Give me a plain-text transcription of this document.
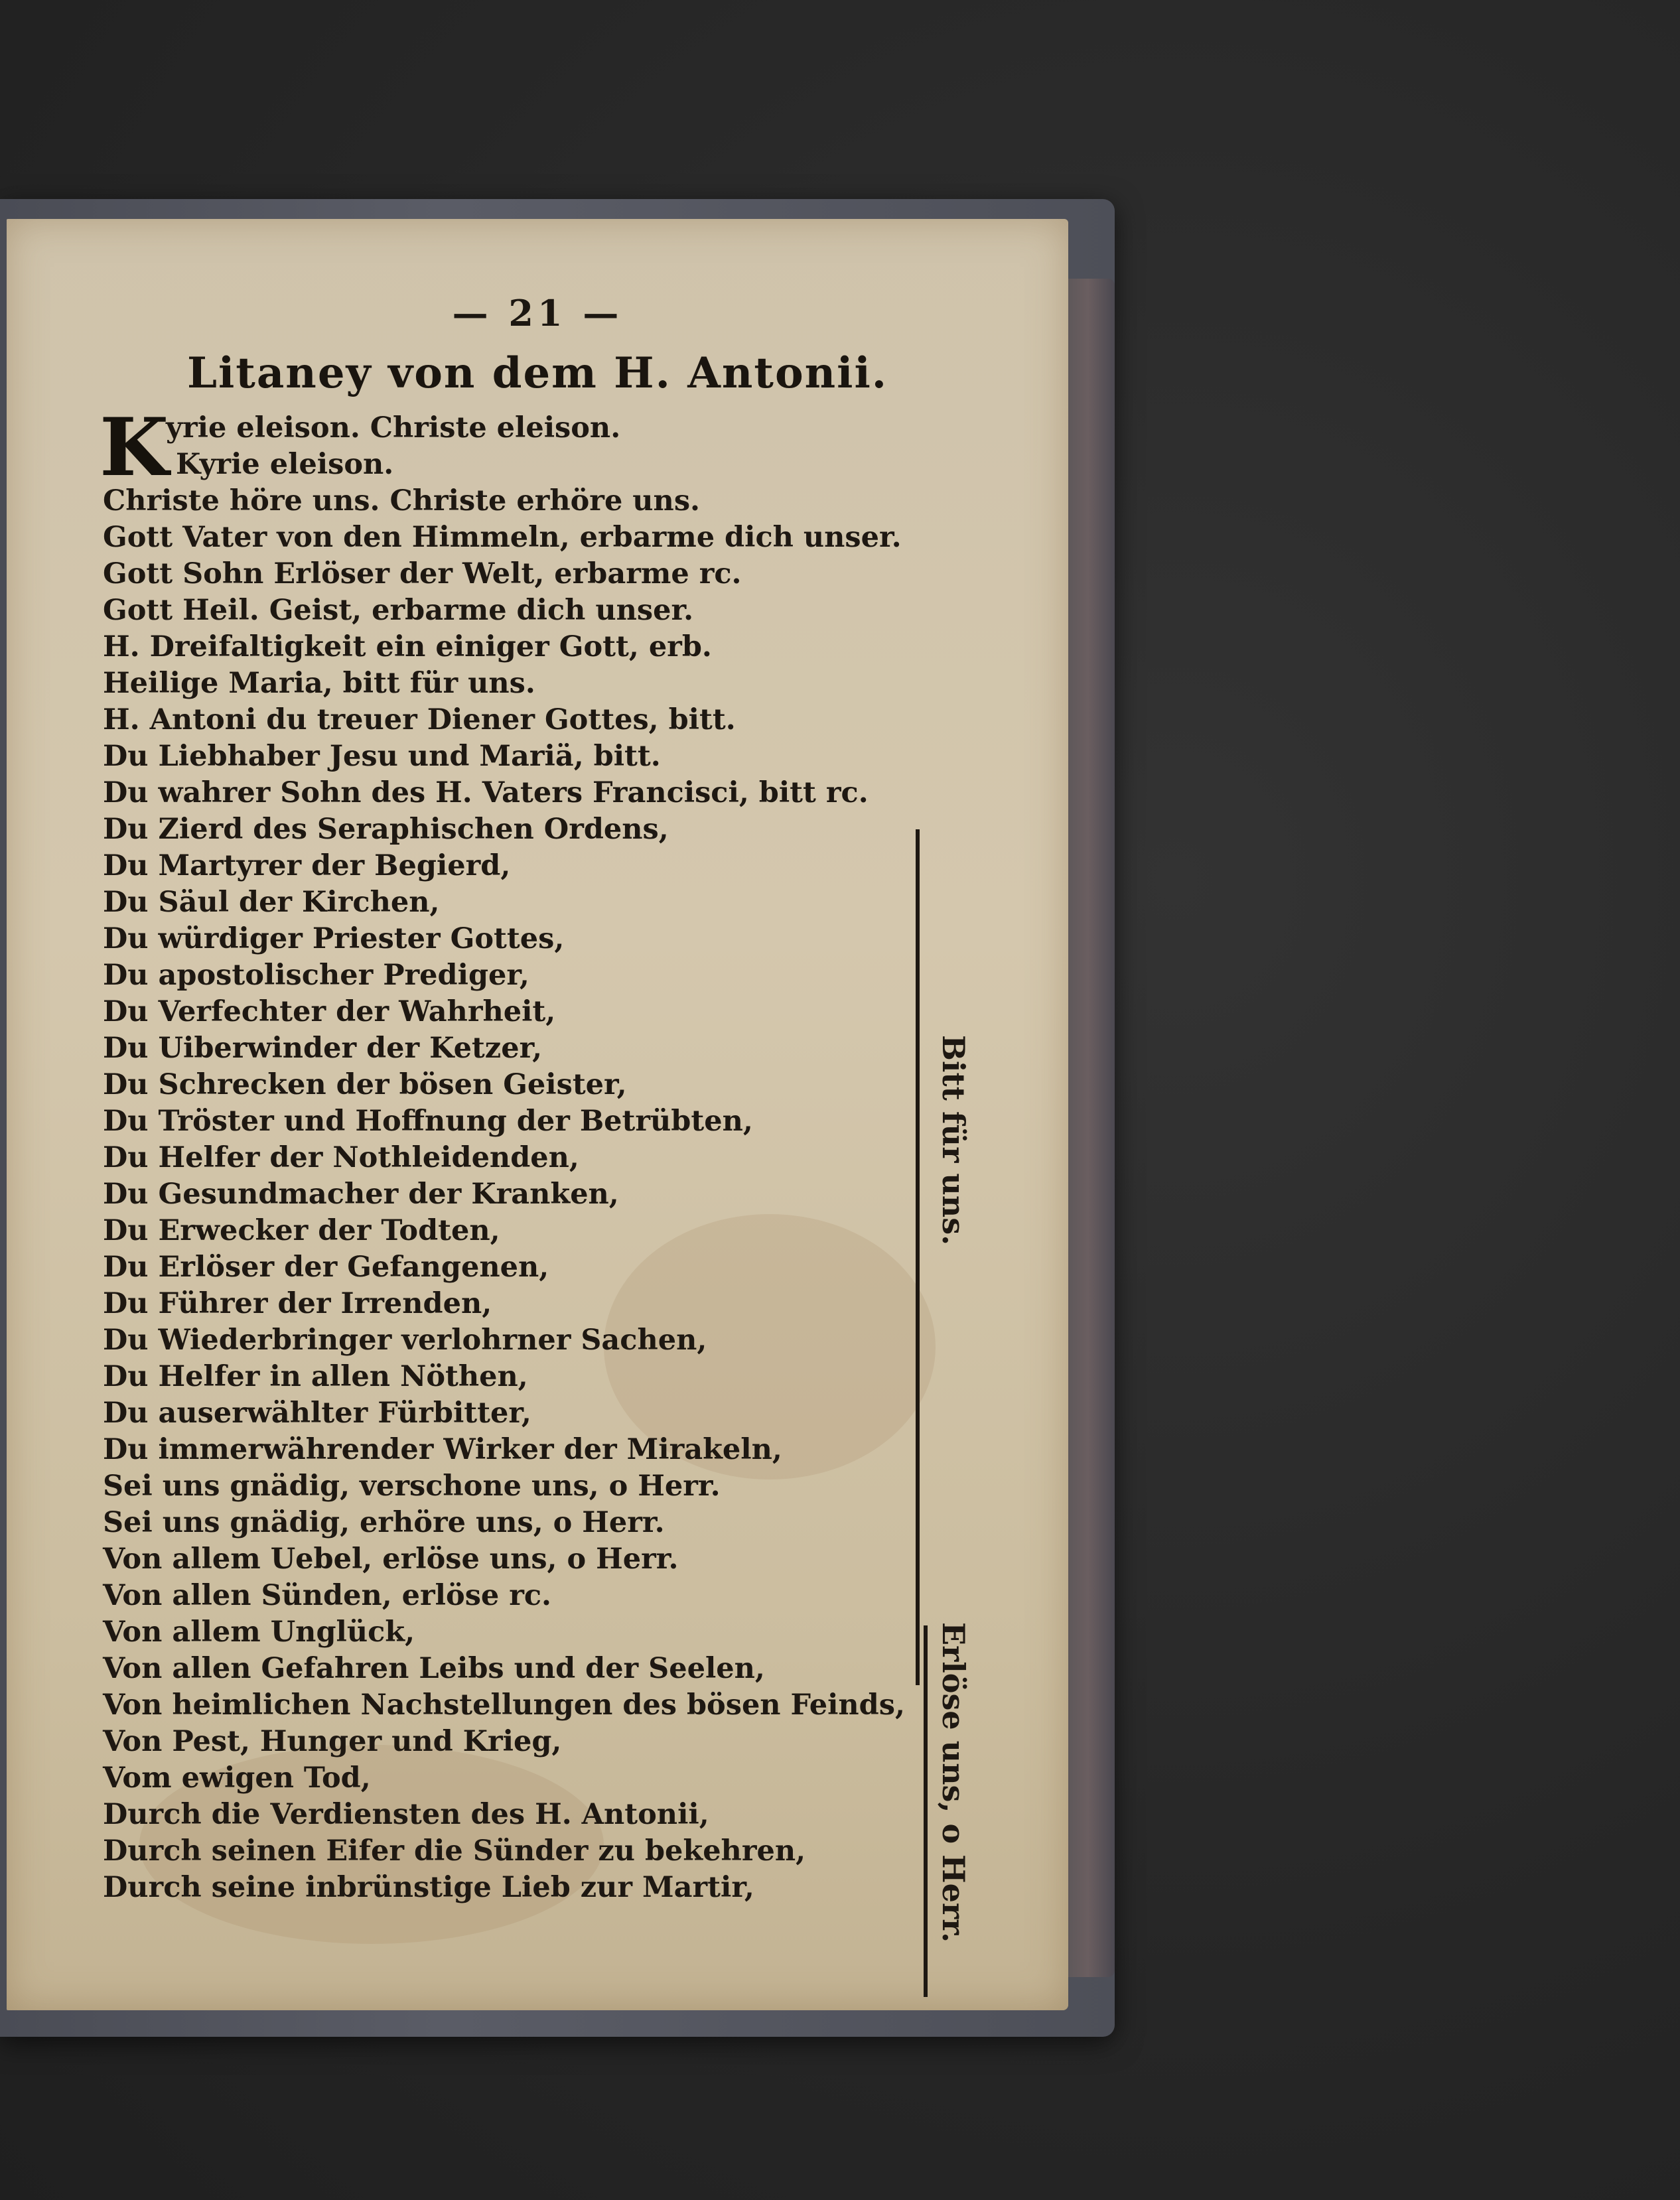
— 21 —
Litaney von dem H. Antonii.
K
yrie eleison. Christe eleison.
Kyrie eleison.
Christe höre uns. Christe erhöre uns.
Gott Vater von den Himmeln, erbarme dich unser.
Gott Sohn Erlöser der Welt, erbarme rc.
Gott Heil. Geist, erbarme dich unser.
H. Dreifaltigkeit ein einiger Gott, erb.
Heilige Maria, bitt für uns.
H. Antoni du treuer Diener Gottes, bitt.
Du Liebhaber Jesu und Mariä, bitt.
Du wahrer Sohn des H. Vaters Francisci, bitt rc.
Du Zierd des Seraphischen Ordens,
Du Martyrer der Begierd,
Du Säul der Kirchen,
Du würdiger Priester Gottes,
Du apostolischer Prediger,
Du Verfechter der Wahrheit,
Du Uiberwinder der Ketzer,
Du Schrecken der bösen Geister,
Du Tröster und Hoffnung der Betrübten,
Du Helfer der Nothleidenden,
Du Gesundmacher der Kranken,
Du Erwecker der Todten,
Du Erlöser der Gefangenen,
Du Führer der Irrenden,
Du Wiederbringer verlohrner Sachen,
Du Helfer in allen Nöthen,
Du auserwählter Fürbitter,
Du immerwährender Wirker der Mirakeln,
Sei uns gnädig, verschone uns, o Herr.
Sei uns gnädig, erhöre uns, o Herr.
Von allem Uebel, erlöse uns, o Herr.
Von allen Sünden, erlöse rc.
Von allem Unglück,
Von allen Gefahren Leibs und der Seelen,
Von heimlichen Nachstellungen des bösen Feinds,
Von Pest, Hunger und Krieg,
Vom ewigen Tod,
Durch die Verdiensten des H. Antonii,
Durch seinen Eifer die Sünder zu bekehren,
Durch seine inbrünstige Lieb zur Martir,
Bitt für uns.
Erlöse uns, o Herr.
